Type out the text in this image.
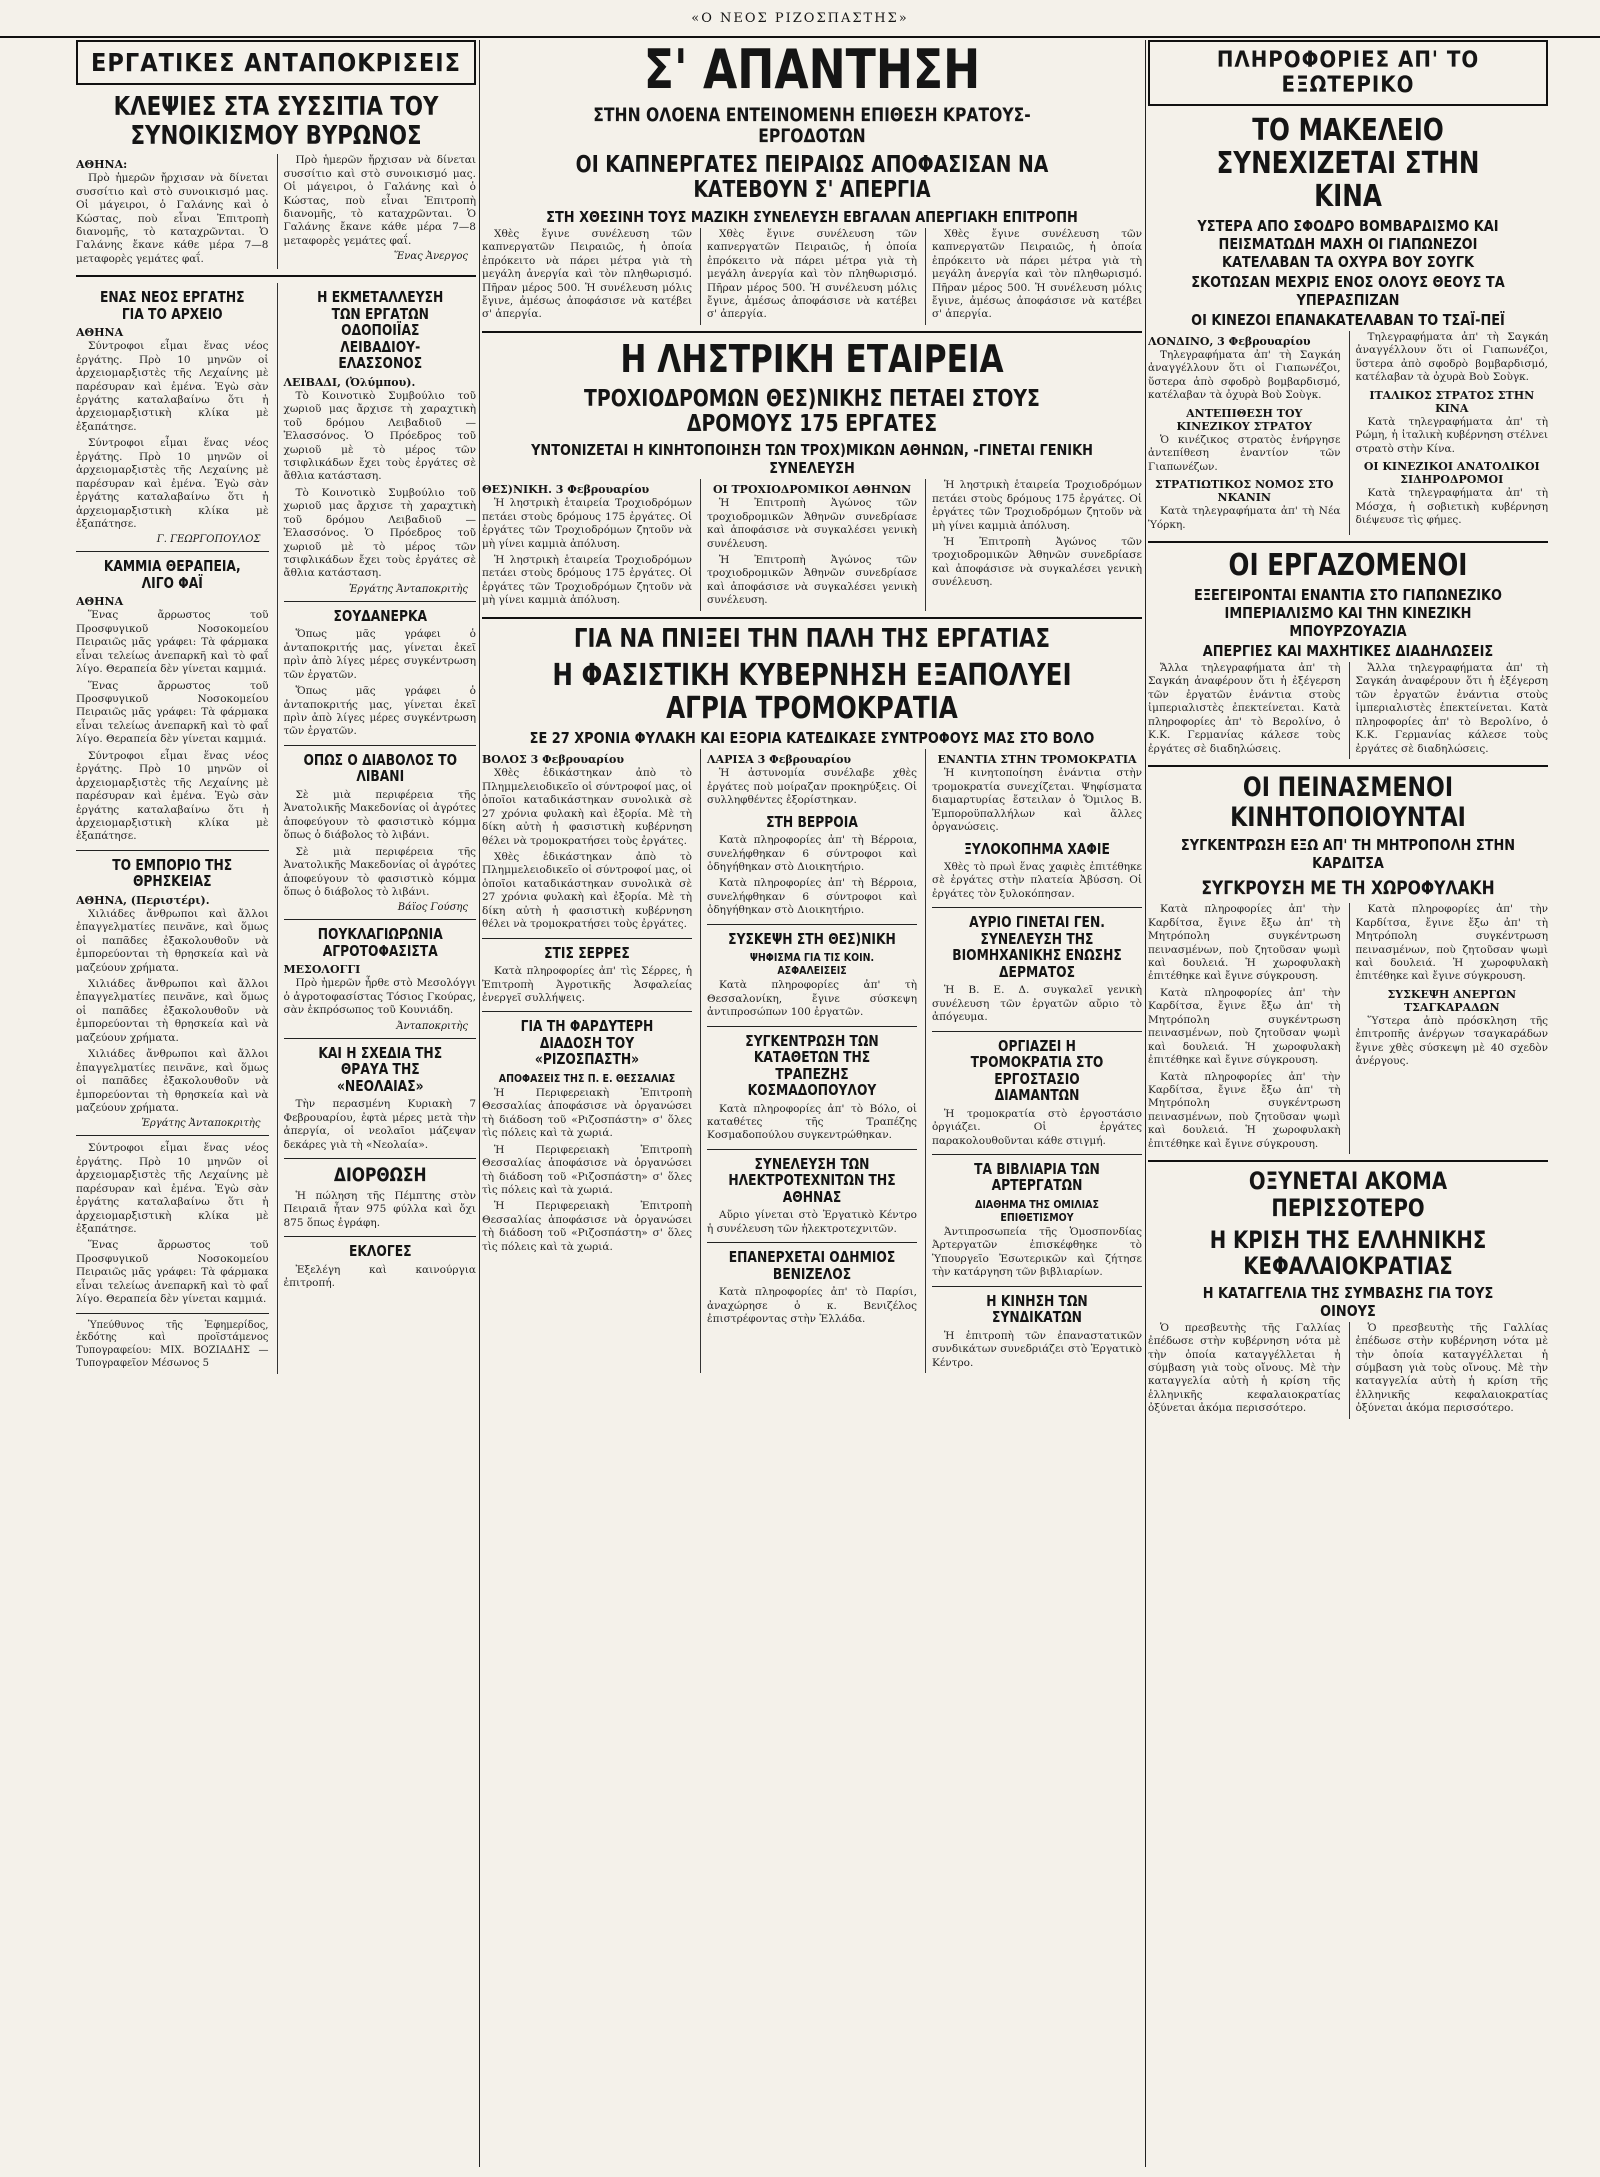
«Ο ΝΕΟΣ ΡΙΖΟΣΠΑΣΤΗΣ»
ΕΡΓΑΤΙΚΕΣ ΑΝΤΑΠΟΚΡΙΣΕΙΣ
ΚΛΕΨΙΕΣ ΣΤΑ ΣΥΣΣΙΤΙΑ ΤΟΥ ΣΥΝΟΙΚΙΣΜΟΥ ΒΥΡΩΝΟΣ
ΑΘΗΝΑ:

Πρὸ ἡμερῶν ἤρχισαν νὰ δίνεται συσσίτιο καὶ στὸ συνοικισμό μας. Οἱ μάγειροι, ὁ Γαλάνης καὶ ὁ Κώστας, ποὺ εἶναι Ἐπιτροπὴ διανομῆς, τὸ καταχρῶνται. Ὁ Γαλάνης ἔκανε κάθε μέρα 7—8 μεταφορὲς γεμάτες φαΐ.

Πρὸ ἡμερῶν ἤρχισαν νὰ δίνεται συσσίτιο καὶ στὸ συνοικισμό μας. Οἱ μάγειροι, ὁ Γαλάνης καὶ ὁ Κώστας, ποὺ εἶναι Ἐπιτροπὴ διανομῆς, τὸ καταχρῶνται. Ὁ Γαλάνης ἔκανε κάθε μέρα 7—8 μεταφορὲς γεμάτες φαΐ.

Ἕνας Ἀνεργος
ΕΝΑΣ ΝΕΟΣ ΕΡΓΑΤΗΣ ΓΙΑ ΤΟ ΑΡΧΕΙΟ
ΑΘΗΝΑ

Σύντροφοι εἶμαι ἕνας νέος ἐργάτης. Πρὸ 10 μηνῶν οἱ ἀρχειομαρξιστὲς τῆς Λεχαίνης μὲ παρέσυραν καὶ ἐμένα. Ἐγὼ σὰν ἐργάτης καταλαβαίνω ὅτι ἡ ἀρχειομαρξιστικὴ κλίκα μὲ ἐξαπάτησε.

Σύντροφοι εἶμαι ἕνας νέος ἐργάτης. Πρὸ 10 μηνῶν οἱ ἀρχειομαρξιστὲς τῆς Λεχαίνης μὲ παρέσυραν καὶ ἐμένα. Ἐγὼ σὰν ἐργάτης καταλαβαίνω ὅτι ἡ ἀρχειομαρξιστικὴ κλίκα μὲ ἐξαπάτησε.

Γ. ΓΕΩΡΓΟΠΟΥΛΟΣ
ΚΑΜΜΙΑ ΘΕΡΑΠΕΙΑ, ΛΙΓΟ ΦΑΪ
ΑΘΗΝΑ

Ἕνας ἄρρωστος τοῦ Προσφυγικοῦ Νοσοκομείου Πειραιῶς μᾶς γράφει: Τὰ φάρμακα εἶναι τελείως ἀνεπαρκῆ καὶ τὸ φαΐ λίγο. Θεραπεία δὲν γίνεται καμμιά.

Ἕνας ἄρρωστος τοῦ Προσφυγικοῦ Νοσοκομείου Πειραιῶς μᾶς γράφει: Τὰ φάρμακα εἶναι τελείως ἀνεπαρκῆ καὶ τὸ φαΐ λίγο. Θεραπεία δὲν γίνεται καμμιά.

Σύντροφοι εἶμαι ἕνας νέος ἐργάτης. Πρὸ 10 μηνῶν οἱ ἀρχειομαρξιστὲς τῆς Λεχαίνης μὲ παρέσυραν καὶ ἐμένα. Ἐγὼ σὰν ἐργάτης καταλαβαίνω ὅτι ἡ ἀρχειομαρξιστικὴ κλίκα μὲ ἐξαπάτησε.

ΤΟ ΕΜΠΟΡΙΟ ΤΗΣ ΘΡΗΣΚΕΙΑΣ
ΑΘΗΝΑ, (Περιστέρι).

Χιλιάδες ἄνθρωποι καὶ ἄλλοι ἐπαγγελματίες πεινᾶνε, καὶ ὅμως οἱ παπᾶδες ἐξακολουθοῦν νὰ ἐμπορεύονται τὴ θρησκεία καὶ νὰ μαζεύουν χρήματα.

Χιλιάδες ἄνθρωποι καὶ ἄλλοι ἐπαγγελματίες πεινᾶνε, καὶ ὅμως οἱ παπᾶδες ἐξακολουθοῦν νὰ ἐμπορεύονται τὴ θρησκεία καὶ νὰ μαζεύουν χρήματα.

Χιλιάδες ἄνθρωποι καὶ ἄλλοι ἐπαγγελματίες πεινᾶνε, καὶ ὅμως οἱ παπᾶδες ἐξακολουθοῦν νὰ ἐμπορεύονται τὴ θρησκεία καὶ νὰ μαζεύουν χρήματα.

Ἐργάτης Ἀνταποκριτὴς

Σύντροφοι εἶμαι ἕνας νέος ἐργάτης. Πρὸ 10 μηνῶν οἱ ἀρχειομαρξιστὲς τῆς Λεχαίνης μὲ παρέσυραν καὶ ἐμένα. Ἐγὼ σὰν ἐργάτης καταλαβαίνω ὅτι ἡ ἀρχειομαρξιστικὴ κλίκα μὲ ἐξαπάτησε.

Ἕνας ἄρρωστος τοῦ Προσφυγικοῦ Νοσοκομείου Πειραιῶς μᾶς γράφει: Τὰ φάρμακα εἶναι τελείως ἀνεπαρκῆ καὶ τὸ φαΐ λίγο. Θεραπεία δὲν γίνεται καμμιά.

Ὑπεύθυνος τῆς Ἐφημερίδος, ἐκδότης καὶ προϊστάμενος Τυπογραφείου: ΜΙΧ. ΒΟΖΙΑΔΗΣ — Τυπογραφεῖον Μέσωνος 5

Η ΕΚΜΕΤΑΛΛΕΥΣΗ ΤΩΝ ΕΡΓΑΤΩΝ ΟΔΟΠΟΙΪΑΣ ΛΕΙΒΑΔΙΟΥ-ΕΛΑΣΣΟΝΟΣ
ΛΕΙΒΑΔΙ, (Ὀλύμπου).

Τὸ Κοινοτικὸ Συμβούλιο τοῦ χωριοῦ μας ἄρχισε τὴ χαραχτικὴ τοῦ δρόμου Λειβαδιοῦ — Ἐλασσόνος. Ὁ Πρόεδρος τοῦ χωριοῦ μὲ τὸ μέρος τῶν τσιφλικάδων ἔχει τοὺς ἐργάτες σὲ ἄθλια κατάσταση.

Τὸ Κοινοτικὸ Συμβούλιο τοῦ χωριοῦ μας ἄρχισε τὴ χαραχτικὴ τοῦ δρόμου Λειβαδιοῦ — Ἐλασσόνος. Ὁ Πρόεδρος τοῦ χωριοῦ μὲ τὸ μέρος τῶν τσιφλικάδων ἔχει τοὺς ἐργάτες σὲ ἄθλια κατάσταση.

Ἐργάτης Ἀνταποκριτὴς
ΣΟΥΔΑΝΕΡΚΑ

Ὅπως μᾶς γράφει ὁ ἀνταποκριτής μας, γίνεται ἐκεῖ πρὶν ἀπὸ λίγες μέρες συγκέντρωση τῶν ἐργατῶν.

Ὅπως μᾶς γράφει ὁ ἀνταποκριτής μας, γίνεται ἐκεῖ πρὶν ἀπὸ λίγες μέρες συγκέντρωση τῶν ἐργατῶν.

ΟΠΩΣ Ο ΔΙΑΒΟΛΟΣ ΤΟ ΛΙΒΑΝΙ

Σὲ μιὰ περιφέρεια τῆς Ἀνατολικῆς Μακεδονίας οἱ ἀγρότες ἀποφεύγουν τὸ φασιστικὸ κόμμα ὅπως ὁ διάβολος τὸ λιβάνι.

Σὲ μιὰ περιφέρεια τῆς Ἀνατολικῆς Μακεδονίας οἱ ἀγρότες ἀποφεύγουν τὸ φασιστικὸ κόμμα ὅπως ὁ διάβολος τὸ λιβάνι.

Βάϊος Γούσης
ΠΟΥΚΛΑΓΙΩΡΩΝΙΑ ΑΓΡΟΤΟΦΑΣΙΣΤΑ
ΜΕΣΟΛΟΓΓΙ

Πρὸ ἡμερῶν ἦρθε στὸ Μεσολόγγι ὁ ἀγροτοφασίστας Τόσιος Γκούρας, σὰν ἐκπρόσωπος τοῦ Κουνιάδη.

Ἀνταποκριτὴς
ΚΑΙ Η ΣΧΕΔΙΑ ΤΗΣ ΘΡΑΥΑ ΤΗΣ «ΝΕΟΛΑΙΑΣ»

Τὴν περασμένη Κυριακὴ 7 Φεβρουαρίου, ἐφτὰ μέρες μετὰ τὴν ἀπεργία, οἱ νεολαῖοι μάζεψαν δεκάρες γιὰ τὴ «Νεολαία».

ΔΙΟΡΘΩΣΗ

Ἡ πώληση τῆς Πέμπτης στὸν Πειραιᾶ ἦταν 975 φύλλα καὶ ὄχι 875 ὅπως ἐγράφη.

ΕΚΛΟΓΕΣ

Ἐξελέγη καὶ καινούργια ἐπιτροπή.

Σ' ΑΠΑΝΤΗΣΗ
ΣΤΗΝ ΟΛΟΕΝΑ ΕΝΤΕΙΝΟΜΕΝΗ ΕΠΙΘΕΣΗ ΚΡΑΤΟΥΣ-ΕΡΓΟΔΟΤΩΝ
ΟΙ ΚΑΠΝΕΡΓΑΤΕΣ ΠΕΙΡΑΙΩΣ ΑΠΟΦΑΣΙΣΑΝ ΝΑ ΚΑΤΕΒΟΥΝ Σ' ΑΠΕΡΓΙΑ
ΣΤΗ ΧΘΕΣΙΝΗ ΤΟΥΣ ΜΑΖΙΚΗ ΣΥΝΕΛΕΥΣΗ ΕΒΓΑΛΑΝ ΑΠΕΡΓΙΑΚΗ ΕΠΙΤΡΟΠΗ

Χθὲς ἔγινε συνέλευση τῶν καπνεργατῶν Πειραιῶς, ἡ ὁποία ἐπρόκειτο νὰ πάρει μέτρα γιὰ τὴ μεγάλη ἀνεργία καὶ τὸν πληθωρισμό. Πῆραν μέρος 500. Ἡ συνέλευση μόλις ἔγινε, ἀμέσως ἀποφάσισε νὰ κατέβει σ' ἀπεργία.

Χθὲς ἔγινε συνέλευση τῶν καπνεργατῶν Πειραιῶς, ἡ ὁποία ἐπρόκειτο νὰ πάρει μέτρα γιὰ τὴ μεγάλη ἀνεργία καὶ τὸν πληθωρισμό. Πῆραν μέρος 500. Ἡ συνέλευση μόλις ἔγινε, ἀμέσως ἀποφάσισε νὰ κατέβει σ' ἀπεργία.

Χθὲς ἔγινε συνέλευση τῶν καπνεργατῶν Πειραιῶς, ἡ ὁποία ἐπρόκειτο νὰ πάρει μέτρα γιὰ τὴ μεγάλη ἀνεργία καὶ τὸν πληθωρισμό. Πῆραν μέρος 500. Ἡ συνέλευση μόλις ἔγινε, ἀμέσως ἀποφάσισε νὰ κατέβει σ' ἀπεργία.

Η ΛΗΣΤΡΙΚΗ ΕΤΑΙΡΕΙΑ
ΤΡΟΧΙΟΔΡΟΜΩΝ ΘΕΣ)ΝΙΚΗΣ ΠΕΤΑΕΙ ΣΤΟΥΣ ΔΡΟΜΟΥΣ 175 ΕΡΓΑΤΕΣ
ΥΝΤΟΝΙΖΕΤΑΙ Η ΚΙΝΗΤΟΠΟΙΗΣΗ ΤΩΝ ΤΡΟΧ)ΜΙΚΩΝ ΑΘΗΝΩΝ, -ΓΙΝΕΤΑΙ ΓΕΝΙΚΗ ΣΥΝΕΛΕΥΣΗ
ΘΕΣ)ΝΙΚΗ. 3 Φεβρουαρίου

Ἡ ληστρικὴ ἑταιρεία Τροχιοδρόμων πετάει στοὺς δρόμους 175 ἐργάτες. Οἱ ἐργάτες τῶν Τροχιοδρόμων ζητοῦν νὰ μὴ γίνει καμμιὰ ἀπόλυση.

Ἡ ληστρικὴ ἑταιρεία Τροχιοδρόμων πετάει στοὺς δρόμους 175 ἐργάτες. Οἱ ἐργάτες τῶν Τροχιοδρόμων ζητοῦν νὰ μὴ γίνει καμμιὰ ἀπόλυση.

ΟΙ ΤΡΟΧΙΟΔΡΟΜΙΚΟΙ ΑΘΗΝΩΝ

Ἡ Ἐπιτροπὴ Ἀγώνος τῶν τροχιοδρομικῶν Ἀθηνῶν συνεδρίασε καὶ ἀποφάσισε νὰ συγκαλέσει γενικὴ συνέλευση.

Ἡ Ἐπιτροπὴ Ἀγώνος τῶν τροχιοδρομικῶν Ἀθηνῶν συνεδρίασε καὶ ἀποφάσισε νὰ συγκαλέσει γενικὴ συνέλευση.

Ἡ ληστρικὴ ἑταιρεία Τροχιοδρόμων πετάει στοὺς δρόμους 175 ἐργάτες. Οἱ ἐργάτες τῶν Τροχιοδρόμων ζητοῦν νὰ μὴ γίνει καμμιὰ ἀπόλυση.

Ἡ Ἐπιτροπὴ Ἀγώνος τῶν τροχιοδρομικῶν Ἀθηνῶν συνεδρίασε καὶ ἀποφάσισε νὰ συγκαλέσει γενικὴ συνέλευση.

ΓΙΑ ΝΑ ΠΝΙΞΕΙ ΤΗΝ ΠΑΛΗ ΤΗΣ ΕΡΓΑΤΙΑΣ
Η ΦΑΣΙΣΤΙΚΗ ΚΥΒΕΡΝΗΣΗ ΕΞΑΠΟΛΥΕΙ ΑΓΡΙΑ ΤΡΟΜΟΚΡΑΤΙΑ
ΣΕ 27 ΧΡΟΝΙΑ ΦΥΛΑΚΗ ΚΑΙ ΕΞΟΡΙΑ ΚΑΤΕΔΙΚΑΣΕ ΣΥΝΤΡΟΦΟΥΣ ΜΑΣ ΣΤΟ ΒΟΛΟ
ΒΟΛΟΣ 3 Φεβρουαρίου

Χθὲς ἐδικάστηκαν ἀπὸ τὸ Πλημμελειοδικεῖο οἱ σύντροφοί μας, οἱ ὁποῖοι καταδικάστηκαν συνολικὰ σὲ 27 χρόνια φυλακὴ καὶ ἐξορία. Μὲ τὴ δίκη αὐτὴ ἡ φασιστικὴ κυβέρνηση θέλει νὰ τρομοκρατήσει τοὺς ἐργάτες.

Χθὲς ἐδικάστηκαν ἀπὸ τὸ Πλημμελειοδικεῖο οἱ σύντροφοί μας, οἱ ὁποῖοι καταδικάστηκαν συνολικὰ σὲ 27 χρόνια φυλακὴ καὶ ἐξορία. Μὲ τὴ δίκη αὐτὴ ἡ φασιστικὴ κυβέρνηση θέλει νὰ τρομοκρατήσει τοὺς ἐργάτες.

ΣΤΙΣ ΣΕΡΡΕΣ

Κατὰ πληροφορίες ἀπ' τὶς Σέρρες, ἡ Ἐπιτροπὴ Ἀγροτικῆς Ἀσφαλείας ἐνεργεῖ συλλήψεις.

ΓΙΑ ΤΗ ΦΑΡΔΥΤΕΡΗ ΔΙΑΔΟΣΗ ΤΟΥ «ΡΙΖΟΣΠΑΣΤΗ»
ΑΠΟΦΑΣΕΙΣ ΤΗΣ Π. Ε. ΘΕΣΣΑΛΙΑΣ

Ἡ Περιφερειακὴ Ἐπιτροπὴ Θεσσαλίας ἀποφάσισε νὰ ὀργανώσει τὴ διάδοση τοῦ «Ριζοσπάστη» σ' ὅλες τὶς πόλεις καὶ τὰ χωριά.

Ἡ Περιφερειακὴ Ἐπιτροπὴ Θεσσαλίας ἀποφάσισε νὰ ὀργανώσει τὴ διάδοση τοῦ «Ριζοσπάστη» σ' ὅλες τὶς πόλεις καὶ τὰ χωριά.

Ἡ Περιφερειακὴ Ἐπιτροπὴ Θεσσαλίας ἀποφάσισε νὰ ὀργανώσει τὴ διάδοση τοῦ «Ριζοσπάστη» σ' ὅλες τὶς πόλεις καὶ τὰ χωριά.

ΛΑΡΙΣΑ 3 Φεβρουαρίου

Ἡ ἀστυνομία συνέλαβε χθὲς ἐργάτες ποὺ μοίραζαν προκηρύξεις. Οἱ συλληφθέντες ἐξορίστηκαν.

ΣΤΗ ΒΕΡΡΟΙΑ

Κατὰ πληροφορίες ἀπ' τὴ Βέρροια, συνελήφθηκαν 6 σύντροφοι καὶ ὁδηγήθηκαν στὸ Διοικητήριο.

Κατὰ πληροφορίες ἀπ' τὴ Βέρροια, συνελήφθηκαν 6 σύντροφοι καὶ ὁδηγήθηκαν στὸ Διοικητήριο.

ΣΥΣΚΕΨΗ ΣΤΗ ΘΕΣ)ΝΙΚΗ
ΨΗΦΙΣΜΑ ΓΙΑ ΤΙΣ ΚΟΙΝ. ΑΣΦΑΛΕΙΣΕΙΣ

Κατὰ πληροφορίες ἀπ' τὴ Θεσσαλονίκη, ἔγινε σύσκεψη ἀντιπροσώπων 100 ἐργατῶν.

ΣΥΓΚΕΝΤΡΩΣΗ ΤΩΝ ΚΑΤΑΘΕΤΩΝ ΤΗΣ ΤΡΑΠΕΖΗΣ ΚΟΣΜΑΔΟΠΟΥΛΟΥ

Κατὰ πληροφορίες ἀπ' τὸ Βόλο, οἱ καταθέτες τῆς Τραπέζης Κοσμαδοπούλου συγκεντρώθηκαν.

ΣΥΝΕΛΕΥΣΗ ΤΩΝ ΗΛΕΚΤΡΟΤΕΧΝΙΤΩΝ ΤΗΣ ΑΘΗΝΑΣ

Αὔριο γίνεται στὸ Ἐργατικὸ Κέντρο ἡ συνέλευση τῶν ἠλεκτροτεχνιτῶν.

ΕΠΑΝΕΡΧΕΤΑΙ ΟΔΗΜΙΟΣ ΒΕΝΙΖΕΛΟΣ

Κατὰ πληροφορίες ἀπ' τὸ Παρίσι, ἀναχώρησε ὁ κ. Βενιζέλος ἐπιστρέφοντας στὴν Ἑλλάδα.

ΕΝΑΝΤΙΑ ΣΤΗΝ ΤΡΟΜΟΚΡΑΤΙΑ

Ἡ κινητοποίηση ἐνάντια στὴν τρομοκρατία συνεχίζεται. Ψηφίσματα διαμαρτυρίας ἔστειλαν ὁ Ὅμιλος Β. Ἐμποροϋπαλλήλων καὶ ἄλλες ὀργανώσεις.

ΞΥΛΟΚΟΠΗΜΑ ΧΑΦΙΕ

Χθὲς τὸ πρωὶ ἕνας χαφιὲς ἐπιτέθηκε σὲ ἐργάτες στὴν πλατεία Ἀβύσση. Οἱ ἐργάτες τὸν ξυλοκόπησαν.

ΑΥΡΙΟ ΓΙΝΕΤΑΙ ΓΕΝ. ΣΥΝΕΛΕΥΣΗ ΤΗΣ ΒΙΟΜΗΧΑΝΙΚΗΣ ΕΝΩΣΗΣ ΔΕΡΜΑΤΟΣ

Ἡ Β. Ε. Δ. συγκαλεῖ γενικὴ συνέλευση τῶν ἐργατῶν αὔριο τὸ ἀπόγευμα.

ΟΡΓΙΑΖΕΙ Η ΤΡΟΜΟΚΡΑΤΙΑ ΣΤΟ ΕΡΓΟΣΤΑΣΙΟ ΔΙΑΜΑΝΤΩΝ

Ἡ τρομοκρατία στὸ ἐργοστάσιο ὀργιάζει. Οἱ ἐργάτες παρακολουθοῦνται κάθε στιγμή.

ΤΑ ΒΙΒΛΙΑΡΙΑ ΤΩΝ ΑΡΤΕΡΓΑΤΩΝ
ΔΙΑΘΗΜΑ ΤΗΣ ΟΜΙΛΙΑΣ ΕΠΙΘΕΤΙΣΜΟΥ

Ἀντιπροσωπεία τῆς Ὁμοσπονδίας Ἀρτεργατῶν ἐπισκέφθηκε τὸ Ὑπουργεῖο Ἐσωτερικῶν καὶ ζήτησε τὴν κατάργηση τῶν βιβλιαρίων.

Η ΚΙΝΗΣΗ ΤΩΝ ΣΥΝΔΙΚΑΤΩΝ

Ἡ ἐπιτροπὴ τῶν ἐπαναστατικῶν συνδικάτων συνεδριάζει στὸ Ἐργατικὸ Κέντρο.

ΠΛΗΡΟΦΟΡΙΕΣ ΑΠ' ΤΟ ΕΞΩΤΕΡΙΚΟ
ΤΟ ΜΑΚΕΛΕΙΟ ΣΥΝΕΧΙΖΕΤΑΙ ΣΤΗΝ ΚΙΝΑ
ΥΣΤΕΡΑ ΑΠΟ ΣΦΟΔΡΟ ΒΟΜΒΑΡΔΙΣΜΟ ΚΑΙ ΠΕΙΣΜΑΤΩΔΗ ΜΑΧΗ ΟΙ ΓΙΑΠΩΝΕΖΟΙ ΚΑΤΕΛΑΒΑΝ ΤΑ ΟΧΥΡΑ ΒΟΥ ΣΟΥΓΚ
ΣΚΟΤΩΣΑΝ ΜΕΧΡΙΣ ΕΝΟΣ ΟΛΟΥΣ ΘΕΟΥΣ ΤΑ ΥΠΕΡΑΣΠΙΖΑΝ
ΟΙ ΚΙΝΕΖΟΙ ΕΠΑΝΑΚΑΤΕΛΑΒΑΝ ΤΟ ΤΣΑΪ-ΠΕΪ
ΛΟΝΔΙΝΟ, 3 Φεβρουαρίου

Τηλεγραφήματα ἀπ' τὴ Σαγκάη ἀναγγέλλουν ὅτι οἱ Γιαπωνέζοι, ὕστερα ἀπὸ σφοδρὸ βομβαρδισμό, κατέλαβαν τὰ ὀχυρὰ Βοὺ Σοὺγκ.

ΑΝΤΕΠΙΘΕΣΗ ΤΟΥ ΚΙΝΕΖΙΚΟΥ ΣΤΡΑΤΟΥ

Ὁ κινέζικος στρατὸς ἐνήργησε ἀντεπίθεση ἐναντίον τῶν Γιαπωνέζων.

ΣΤΡΑΤΙΩΤΙΚΟΣ ΝΟΜΟΣ ΣΤΟ ΝΚΑΝΙΝ

Κατὰ τηλεγραφήματα ἀπ' τὴ Νέα Ὑόρκη.

Τηλεγραφήματα ἀπ' τὴ Σαγκάη ἀναγγέλλουν ὅτι οἱ Γιαπωνέζοι, ὕστερα ἀπὸ σφοδρὸ βομβαρδισμό, κατέλαβαν τὰ ὀχυρὰ Βοὺ Σοὺγκ.

ΙΤΑΛΙΚΟΣ ΣΤΡΑΤΟΣ ΣΤΗΝ ΚΙΝΑ

Κατὰ τηλεγραφήματα ἀπ' τὴ Ρώμη, ἡ ἰταλικὴ κυβέρνηση στέλνει στρατὸ στὴν Κίνα.

ΟΙ ΚΙΝΕΖΙΚΟΙ ΑΝΑΤΟΛΙΚΟΙ ΣΙΔΗΡΟΔΡΟΜΟΙ

Κατὰ τηλεγραφήματα ἀπ' τὴ Μόσχα, ἡ σοβιετικὴ κυβέρνηση διέψευσε τὶς φήμες.

ΟΙ ΕΡΓΑΖΟΜΕΝΟΙ
ΕΞΕΓΕΙΡΟΝΤΑΙ ΕΝΑΝΤΙΑ ΣΤΟ ΓΙΑΠΩΝΕΖΙΚΟ ΙΜΠΕΡΙΑΛΙΣΜΟ ΚΑΙ ΤΗΝ ΚΙΝΕΖΙΚΗ ΜΠΟΥΡΖΟΥΑΖΙΑ
ΑΠΕΡΓΙΕΣ ΚΑΙ ΜΑΧΗΤΙΚΕΣ ΔΙΑΔΗΛΩΣΕΙΣ

Ἄλλα τηλεγραφήματα ἀπ' τὴ Σαγκάη ἀναφέρουν ὅτι ἡ ἐξέγερση τῶν ἐργατῶν ἐνάντια στοὺς ἰμπεριαλιστὲς ἐπεκτείνεται. Κατὰ πληροφορίες ἀπ' τὸ Βερολίνο, ὁ Κ.Κ. Γερμανίας κάλεσε τοὺς ἐργάτες σὲ διαδηλώσεις.

Ἄλλα τηλεγραφήματα ἀπ' τὴ Σαγκάη ἀναφέρουν ὅτι ἡ ἐξέγερση τῶν ἐργατῶν ἐνάντια στοὺς ἰμπεριαλιστὲς ἐπεκτείνεται. Κατὰ πληροφορίες ἀπ' τὸ Βερολίνο, ὁ Κ.Κ. Γερμανίας κάλεσε τοὺς ἐργάτες σὲ διαδηλώσεις.

ΟΙ ΠΕΙΝΑΣΜΕΝΟΙ ΚΙΝΗΤΟΠΟΙΟΥΝΤΑΙ
ΣΥΓΚΕΝΤΡΩΣΗ ΕΞΩ ΑΠ' ΤΗ ΜΗΤΡΟΠΟΛΗ ΣΤΗΝ ΚΑΡΔΙΤΣΑ
ΣΥΓΚΡΟΥΣΗ ΜΕ ΤΗ ΧΩΡΟΦΥΛΑΚΗ

Κατὰ πληροφορίες ἀπ' τὴν Καρδίτσα, ἔγινε ἔξω ἀπ' τὴ Μητρόπολη συγκέντρωση πεινασμένων, ποὺ ζητοῦσαν ψωμὶ καὶ δουλειά. Ἡ χωροφυλακὴ ἐπιτέθηκε καὶ ἔγινε σύγκρουση.

Κατὰ πληροφορίες ἀπ' τὴν Καρδίτσα, ἔγινε ἔξω ἀπ' τὴ Μητρόπολη συγκέντρωση πεινασμένων, ποὺ ζητοῦσαν ψωμὶ καὶ δουλειά. Ἡ χωροφυλακὴ ἐπιτέθηκε καὶ ἔγινε σύγκρουση.

Κατὰ πληροφορίες ἀπ' τὴν Καρδίτσα, ἔγινε ἔξω ἀπ' τὴ Μητρόπολη συγκέντρωση πεινασμένων, ποὺ ζητοῦσαν ψωμὶ καὶ δουλειά. Ἡ χωροφυλακὴ ἐπιτέθηκε καὶ ἔγινε σύγκρουση.

Κατὰ πληροφορίες ἀπ' τὴν Καρδίτσα, ἔγινε ἔξω ἀπ' τὴ Μητρόπολη συγκέντρωση πεινασμένων, ποὺ ζητοῦσαν ψωμὶ καὶ δουλειά. Ἡ χωροφυλακὴ ἐπιτέθηκε καὶ ἔγινε σύγκρουση.

ΣΥΣΚΕΨΗ ΑΝΕΡΓΩΝ ΤΣΑΓΚΑΡΑΔΩΝ

Ὕστερα ἀπὸ πρόσκληση τῆς ἐπιτροπῆς ἀνέργων τσαγκαράδων ἔγινε χθὲς σύσκεψη μὲ 40 σχεδὸν ἀνέργους.

ΟΞΥΝΕΤΑΙ ΑΚΟΜΑ ΠΕΡΙΣΣΟΤΕΡΟ
Η ΚΡΙΣΗ ΤΗΣ ΕΛΛΗΝΙΚΗΣ ΚΕΦΑΛΑΙΟΚΡΑΤΙΑΣ
Η ΚΑΤΑΓΓΕΛΙΑ ΤΗΣ ΣΥΜΒΑΣΗΣ ΓΙΑ ΤΟΥΣ ΟΙΝΟΥΣ

Ὁ πρεσβευτὴς τῆς Γαλλίας ἐπέδωσε στὴν κυβέρνηση νότα μὲ τὴν ὁποία καταγγέλλεται ἡ σύμβαση γιὰ τοὺς οἴνους. Μὲ τὴν καταγγελία αὐτὴ ἡ κρίση τῆς ἑλληνικῆς κεφαλαιοκρατίας ὀξύνεται ἀκόμα περισσότερο.

Ὁ πρεσβευτὴς τῆς Γαλλίας ἐπέδωσε στὴν κυβέρνηση νότα μὲ τὴν ὁποία καταγγέλλεται ἡ σύμβαση γιὰ τοὺς οἴνους. Μὲ τὴν καταγγελία αὐτὴ ἡ κρίση τῆς ἑλληνικῆς κεφαλαιοκρατίας ὀξύνεται ἀκόμα περισσότερο.
